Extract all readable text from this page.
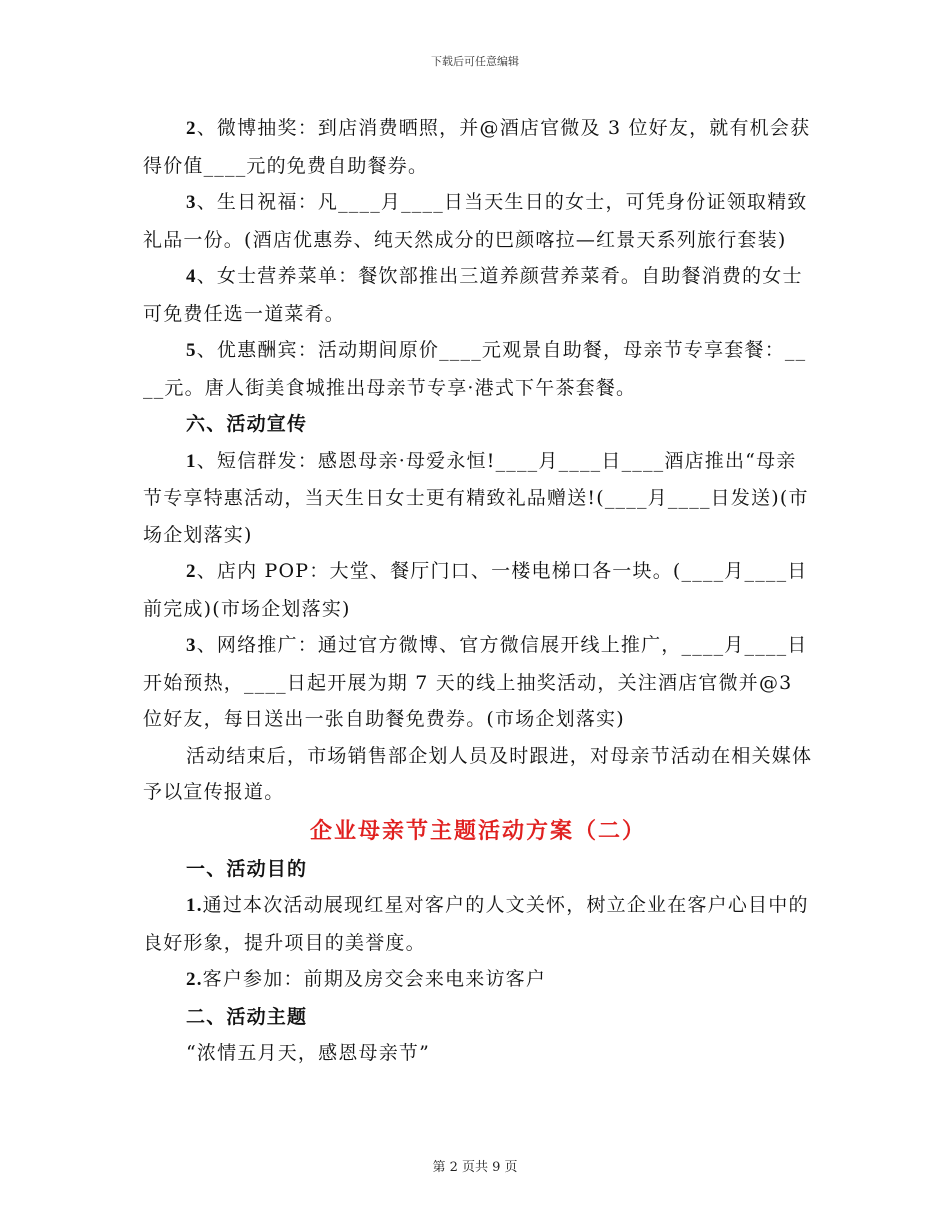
下载后可任意编辑

2、微博抽奖：到店消费晒照，并@酒店官微及 3 位好友，就有机会获得价值____元的免费自助餐券。

3、生日祝福：凡____月____日当天生日的女士，可凭身份证领取精致礼品一份。(酒店优惠券、纯天然成分的巴颜喀拉—红景天系列旅行套装)

4、女士营养菜单：餐饮部推出三道养颜营养菜肴。自助餐消费的女士可免费任选一道菜肴。

5、优惠酬宾：活动期间原价____元观景自助餐，母亲节专享套餐：____元。唐人街美食城推出母亲节专享·港式下午茶套餐。

六、活动宣传

1、短信群发：感恩母亲·母爱永恒!____月____日____酒店推出“母亲节专享特惠活动，当天生日女士更有精致礼品赠送!(____月____日发送)(市场企划落实)

2、店内 POP：大堂、餐厅门口、一楼电梯口各一块。(____月____日前完成)(市场企划落实)

3、网络推广：通过官方微博、官方微信展开线上推广，____月____日开始预热，____日起开展为期 7 天的线上抽奖活动，关注酒店官微并@3 位好友，每日送出一张自助餐免费券。(市场企划落实)

活动结束后，市场销售部企划人员及时跟进，对母亲节活动在相关媒体予以宣传报道。

企业母亲节主题活动方案（二）

一、活动目的

1.通过本次活动展现红星对客户的人文关怀，树立企业在客户心目中的良好形象，提升项目的美誉度。

2.客户参加：前期及房交会来电来访客户

二、活动主题

“浓情五月天，感恩母亲节”

第 2 页共 9 页
